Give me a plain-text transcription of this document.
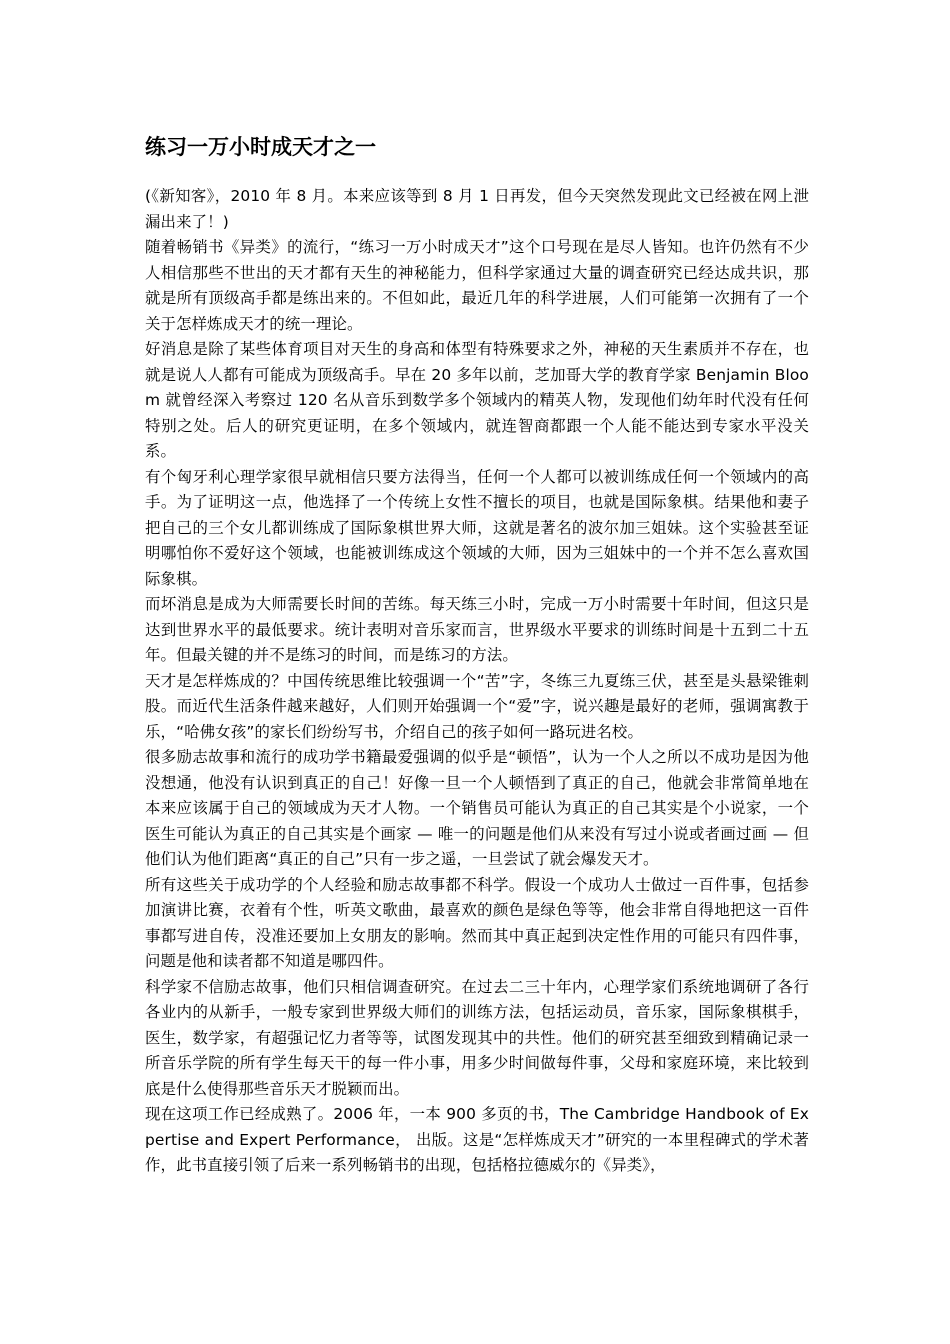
练习一万小时成天才之一

(《新知客》，2010 年 8 月。本来应该等到 8 月 1 日再发，但今天突然发现此文已经被在网上泄漏出来了！)

随着畅销书《异类》的流行，“练习一万小时成天才”这个口号现在是尽人皆知。也许仍然有不少人相信那些不世出的天才都有天生的神秘能力，但科学家通过大量的调查研究已经达成共识，那就是所有顶级高手都是练出来的。不但如此，最近几年的科学进展，人们可能第一次拥有了一个关于怎样炼成天才的统一理论。

好消息是除了某些体育项目对天生的身高和体型有特殊要求之外，神秘的天生素质并不存在，也就是说人人都有可能成为顶级高手。早在 20 多年以前，芝加哥大学的教育学家 Benjamin Bloom 就曾经深入考察过 120 名从音乐到数学多个领域内的精英人物，发现他们幼年时代没有任何特别之处。后人的研究更证明，在多个领域内，就连智商都跟一个人能不能达到专家水平没关系。

有个匈牙利心理学家很早就相信只要方法得当，任何一个人都可以被训练成任何一个领域内的高手。为了证明这一点，他选择了一个传统上女性不擅长的项目，也就是国际象棋。结果他和妻子把自己的三个女儿都训练成了国际象棋世界大师，这就是著名的波尔加三姐妹。这个实验甚至证明哪怕你不爱好这个领域，也能被训练成这个领域的大师，因为三姐妹中的一个并不怎么喜欢国际象棋。

而坏消息是成为大师需要长时间的苦练。每天练三小时，完成一万小时需要十年时间，但这只是达到世界水平的最低要求。统计表明对音乐家而言，世界级水平要求的训练时间是十五到二十五年。但最关键的并不是练习的时间，而是练习的方法。

天才是怎样炼成的？中国传统思维比较强调一个“苦”字，冬练三九夏练三伏，甚至是头悬梁锥刺股。而近代生活条件越来越好，人们则开始强调一个“爱”字，说兴趣是最好的老师，强调寓教于乐，“哈佛女孩”的家长们纷纷写书，介绍自己的孩子如何一路玩进名校。

很多励志故事和流行的成功学书籍最爱强调的似乎是“顿悟”，认为一个人之所以不成功是因为他没想通，他没有认识到真正的自己！好像一旦一个人顿悟到了真正的自己，他就会非常简单地在本来应该属于自己的领域成为天才人物。一个销售员可能认为真正的自己其实是个小说家，一个医生可能认为真正的自己其实是个画家 — 唯一的问题是他们从来没有写过小说或者画过画 — 但他们认为他们距离“真正的自己”只有一步之遥，一旦尝试了就会爆发天才。

所有这些关于成功学的个人经验和励志故事都不科学。假设一个成功人士做过一百件事，包括参加演讲比赛，衣着有个性，听英文歌曲，最喜欢的颜色是绿色等等，他会非常自得地把这一百件事都写进自传，没准还要加上女朋友的影响。然而其中真正起到决定性作用的可能只有四件事，问题是他和读者都不知道是哪四件。

科学家不信励志故事，他们只相信调查研究。在过去二三十年内，心理学家们系统地调研了各行各业内的从新手，一般专家到世界级大师们的训练方法，包括运动员，音乐家，国际象棋棋手，医生，数学家，有超强记忆力者等等，试图发现其中的共性。他们的研究甚至细致到精确记录一所音乐学院的所有学生每天干的每一件小事，用多少时间做每件事，父母和家庭环境，来比较到底是什么使得那些音乐天才脱颖而出。

现在这项工作已经成熟了。2006 年，一本 900 多页的书，The Cambridge Handbook of Expertise and Expert Performance， 出版。这是“怎样炼成天才”研究的一本里程碑式的学术著作，此书直接引领了后来一系列畅销书的出现，包括格拉德威尔的《异类》，
